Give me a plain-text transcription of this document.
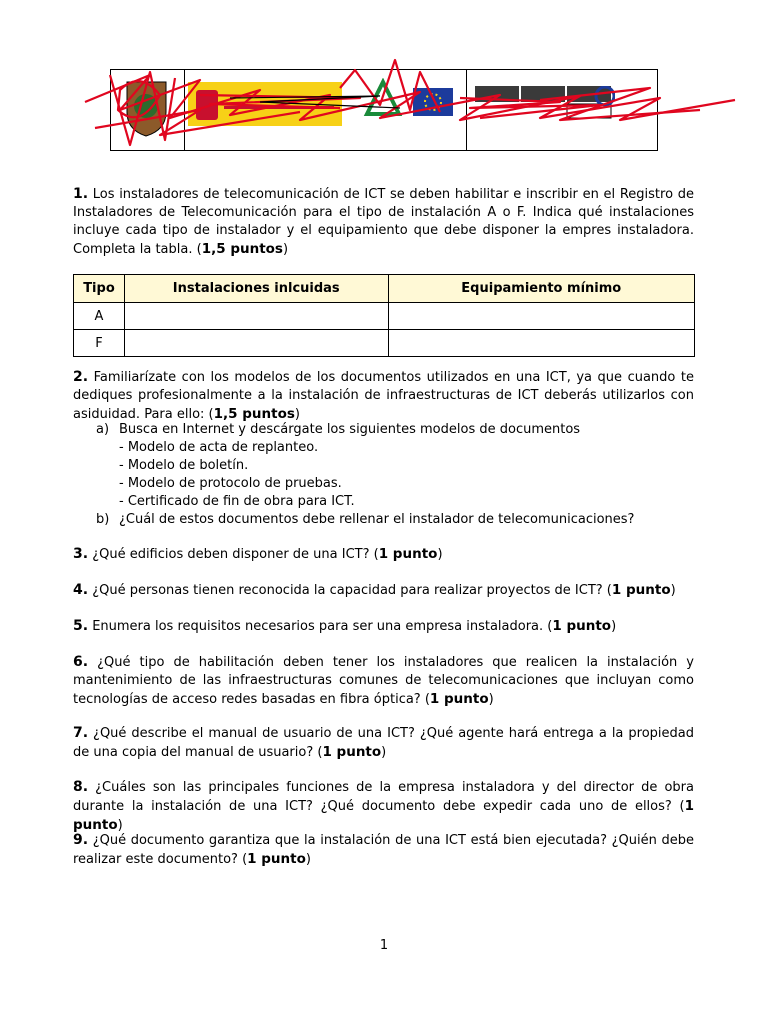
1. Los instaladores de telecomunicación de ICT se deben habilitar e inscribir en el Registro de Instaladores de Telecomunicación para el tipo de instalación A o F. Indica qué instalaciones incluye cada tipo de instalador y el equipamiento que debe disponer la empres instaladora. Completa la tabla. (1,5 puntos)
Tipo	Instalaciones inlcuidas	Equipamiento mínimo
A		
F		
2. Familiarízate con los modelos de los documentos utilizados en una ICT, ya que cuando te dediques profesionalmente a la instalación de infraestructuras de ICT deberás utilizarlos con asiduidad. Para ello: (1,5 puntos)
a) Busca en Internet y descárgate los siguientes modelos de documentos
- Modelo de acta de replanteo.
- Modelo de boletín.
- Modelo de protocolo de pruebas.
- Certificado de fin de obra para ICT.
b) ¿Cuál de estos documentos debe rellenar el instalador de telecomunicaciones?
3. ¿Qué edificios deben disponer de una ICT? (1 punto)
4. ¿Qué personas tienen reconocida la capacidad para realizar proyectos de ICT? (1 punto)
5. Enumera los requisitos necesarios para ser una empresa instaladora. (1 punto)
6. ¿Qué tipo de habilitación deben tener los instaladores que realicen la instalación y mantenimiento de las infraestructuras comunes de telecomunicaciones que incluyan como tecnologías de acceso redes basadas en fibra óptica? (1 punto)
7. ¿Qué describe el manual de usuario de una ICT? ¿Qué agente hará entrega a la propiedad de una copia del manual de usuario? (1 punto)
8. ¿Cuáles son las principales funciones de la empresa instaladora y del director de obra durante la instalación de una ICT? ¿Qué documento debe expedir cada uno de ellos? (1 punto)
9. ¿Qué documento garantiza que la instalación de una ICT está bien ejecutada? ¿Quién debe realizar este documento? (1 punto)
1
